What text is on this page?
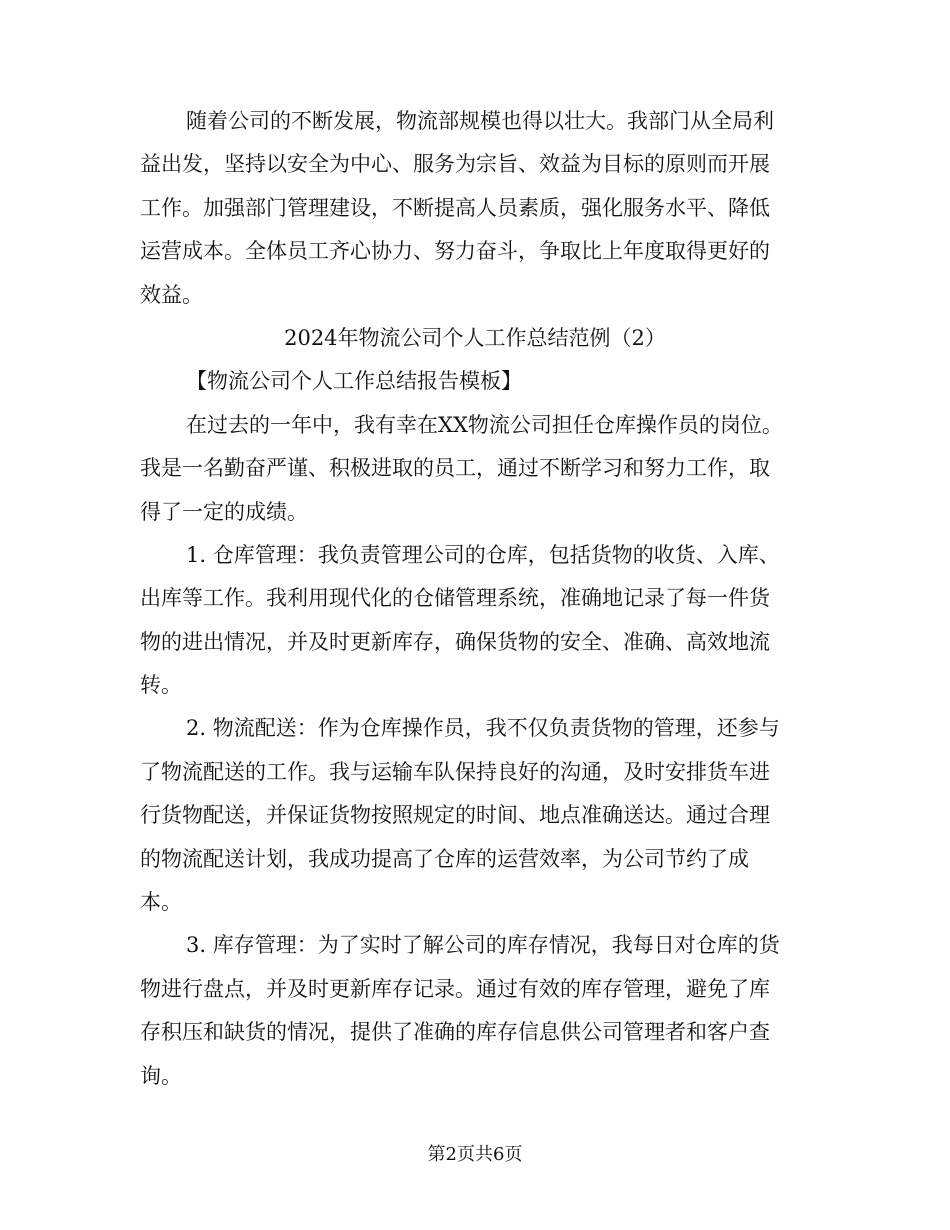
随着公司的不断发展，物流部规模也得以壮大。我部门从全局利
益出发，坚持以安全为中心、服务为宗旨、效益为目标的原则而开展
工作。加强部门管理建设，不断提高人员素质，强化服务水平、降低
运营成本。全体员工齐心协力、努力奋斗，争取比上年度取得更好的
效益。
2024年物流公司个人工作总结范例（2）
【物流公司个人工作总结报告模板】
在过去的一年中，我有幸在XX物流公司担任仓库操作员的岗位。
我是一名勤奋严谨、积极进取的员工，通过不断学习和努力工作，取
得了一定的成绩。
1. 仓库管理：我负责管理公司的仓库，包括货物的收货、入库、
出库等工作。我利用现代化的仓储管理系统，准确地记录了每一件货
物的进出情况，并及时更新库存，确保货物的安全、准确、高效地流
转。
2. 物流配送：作为仓库操作员，我不仅负责货物的管理，还参与
了物流配送的工作。我与运输车队保持良好的沟通，及时安排货车进
行货物配送，并保证货物按照规定的时间、地点准确送达。通过合理
的物流配送计划，我成功提高了仓库的运营效率，为公司节约了成
本。
3. 库存管理：为了实时了解公司的库存情况，我每日对仓库的货
物进行盘点，并及时更新库存记录。通过有效的库存管理，避免了库
存积压和缺货的情况，提供了准确的库存信息供公司管理者和客户查
询。
第2页共6页
